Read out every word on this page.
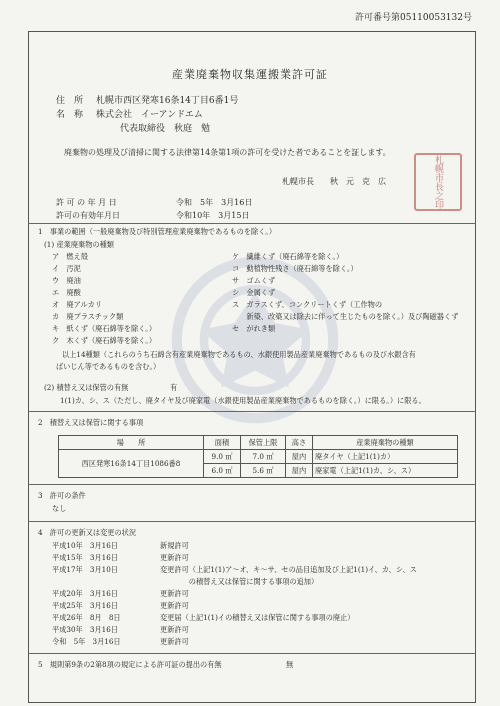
許可番号第05110053132号
産業廃棄物収集運搬業許可証
住　所 札幌市西区発寒16条14丁目6番1号
名　称 株式会社　イーアンドエム
代表取締役　秋庭　勉
廃棄物の処理及び清掃に関する法律第14条第1項の許可を受けた者であることを証します。
札幌市長　　秋　元　克　広	札幌市長之印
許 可 の 年 月 日	令和　5年　3月16日
許可の有効年月日	令和10年　3月15日
1　事業の範囲（一般廃棄物及び特別管理産業廃棄物であるものを除く。）
(1) 産業廃棄物の種類
ア　燃え殻
イ　汚泥
ウ　廃油
エ　廃酸
オ　廃アルカリ
カ　廃プラスチック類
キ　紙くず（廃石綿等を除く。）
ク　木くず（廃石綿等を除く。）
ケ　繊維くず（廃石綿等を除く。）
コ　動植物性残さ（廃石綿等を除く。）
サ　ゴムくず
シ　金属くず
ス　ガラスくず、コンクリートくず（工作物の
　　新築、改築又は除去に伴って生じたものを除く。）及び陶磁器くず
セ　がれき類
以上14種類（これらのうち石綿含有産業廃棄物であるもの、水銀使用製品産業廃棄物であるもの及び水銀含有
ばいじん等であるものを含む。）
(2) 積替え又は保管の有無	有
1(1)カ、シ、ス（ただし、廃タイヤ及び廃家電（水銀使用製品産業廃棄物であるものを除く。）に限る。）に限る。
2　積替え又は保管に関する事項
場　　所	面積	保管上限	高さ	産業廃棄物の種類
西区発寒16条14丁目1086番8	9.0 ㎡	7.0 ㎥	屋内	廃タイヤ（上記1(1)カ）
	6.0 ㎡	5.6 ㎥	屋内	廃家電（上記1(1)カ、シ、ス）
3　許可の条件
なし
4　許可の更新又は変更の状況
平成10年　3月16日	新規許可
平成15年　3月16日	更新許可
平成17年　3月10日	変更許可（上記1(1)ア～オ、キ～サ、セの品目追加及び上記1(1)イ、カ、シ、ス
　　　　の積替え又は保管に関する事項の追加）
平成20年　3月16日	更新許可
平成25年　3月16日	更新許可
平成26年　8月　8日	変更届（上記1(1)イの積替え又は保管に関する事項の廃止）
平成30年　3月16日	更新許可
令和　5年　3月16日	更新許可
5　規則第9条の2第8項の規定による許可証の提出の有無	無
